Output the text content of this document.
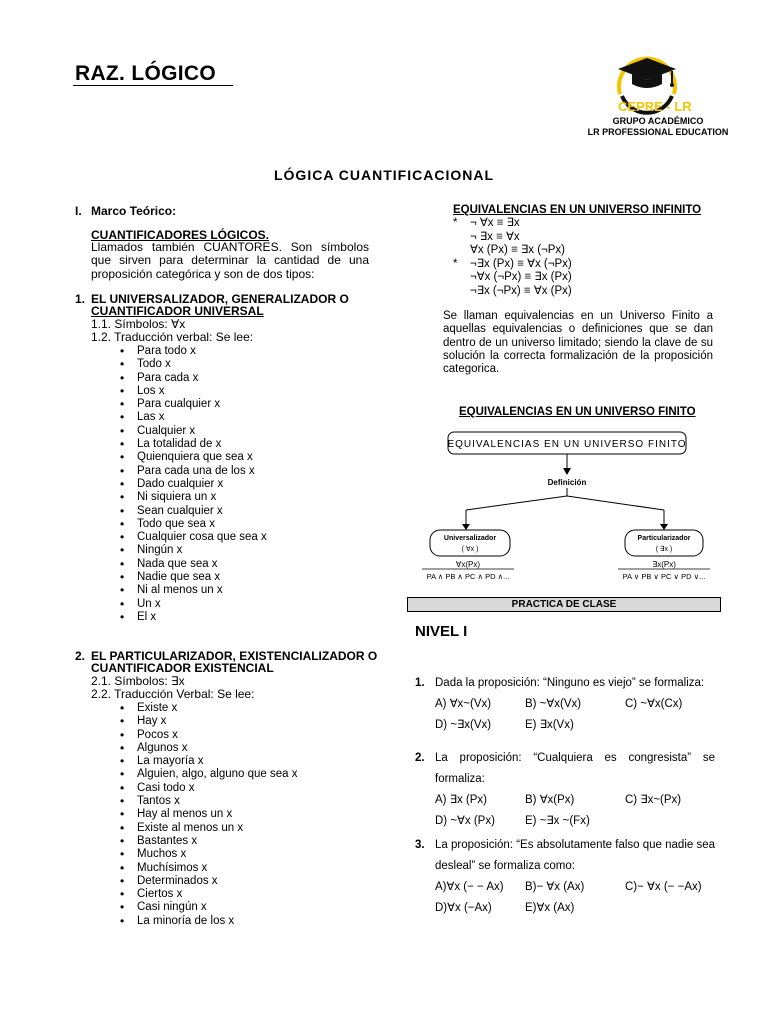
RAZ. LÓGICO
CEPRE - LR
GRUPO ACADÉMICO
LR PROFESSIONAL EDUCATION
LÓGICA CUANTIFICACIONAL
I. Marco Teórico:
CUANTIFICADORES LÓGICOS.
Llamados también CUANTORES. Son símbolos que sirven para determinar la cantidad de una proposición categórica y son de dos tipos:
1. EL UNIVERSALIZADOR, GENERALIZADOR O
CUANTIFICADOR UNIVERSAL
1.1. Símbolos: ∀x
1.2. Traducción verbal: Se lee:
• Para todo x
• Todo x
• Para cada x
• Los x
• Para cualquier x
• Las x
• Cualquier x
• La totalidad de x
• Quienquiera que sea x
• Para cada una de los x
• Dado cualquier x
• Ni siquiera un x
• Sean cualquier x
• Todo que sea x
• Cualquier cosa que sea x
• Ningún x
• Nada que sea x
• Nadie que sea x
• Ni al menos un x
• Un x
• El x
2. EL PARTICULARIZADOR, EXISTENCIALIZADOR O
CUANTIFICADOR EXISTENCIAL
2.1. Símbolos: ∃x
2.2. Traducción Verbal: Se lee:
• Existe x
• Hay x
• Pocos x
• Algunos x
• La mayoría x
• Alguien, algo, alguno que sea x
• Casi todo x
• Tantos x
• Hay al menos un x
• Existe al menos un x
• Bastantes x
• Muchos x
• Muchísimos x
• Determinados x
• Ciertos x
• Casi ningún x
• La minoría de los x
EQUIVALENCIAS EN UN UNIVERSO INFINITO
* ¬ ∀x ≡ ∃x
¬ ∃x ≡ ∀x
∀x (Px) ≡ ∃x (¬Px)
* ¬∃x (Px) ≡ ∀x (¬Px)
¬∀x (¬Px) ≡ ∃x (Px)
¬∃x (¬Px) ≡ ∀x (Px)
Se llaman equivalencias en un Universo Finito a aquellas equivalencias o definiciones que se dan dentro de un universo limitado; siendo la clave de su solución la correcta formalización de la proposición categorica.
EQUIVALENCIAS EN UN UNIVERSO FINITO
EQUIVALENCIAS EN UN UNIVERSO FINITO
Definición
Universalizador
( ∀x )
Particularizador
( ∃x )
∀x(Px)
PA ∧ PB ∧ PC ∧ PD ∧...
∃x(Px)
PA ∨ PB ∨ PC ∨ PD ∨...
PRACTICA DE CLASE
NIVEL I
1. Dada la proposición: “Ninguno es viejo” se formaliza:
A) ∀x~(Vx)	B) ~∀x(Vx)	C) ~∀x(Cx)
D) ~∃x(Vx)	E) ∃x(Vx)
2. La proposición: “Cualquiera es congresista” se formaliza:
A) ∃x (Px)	B) ∀x(Px)	C) ∃x~(Px)
D) ~∀x (Px)	E) ~∃x ~(Fx)
3. La proposición: “Es absolutamente falso que nadie sea desleal” se formaliza como:
A)∀x (− − Ax) B)− ∀x (Ax)	C)− ∀x (− −Ax)
D)∀x (−Ax)	E)∀x (Ax)
